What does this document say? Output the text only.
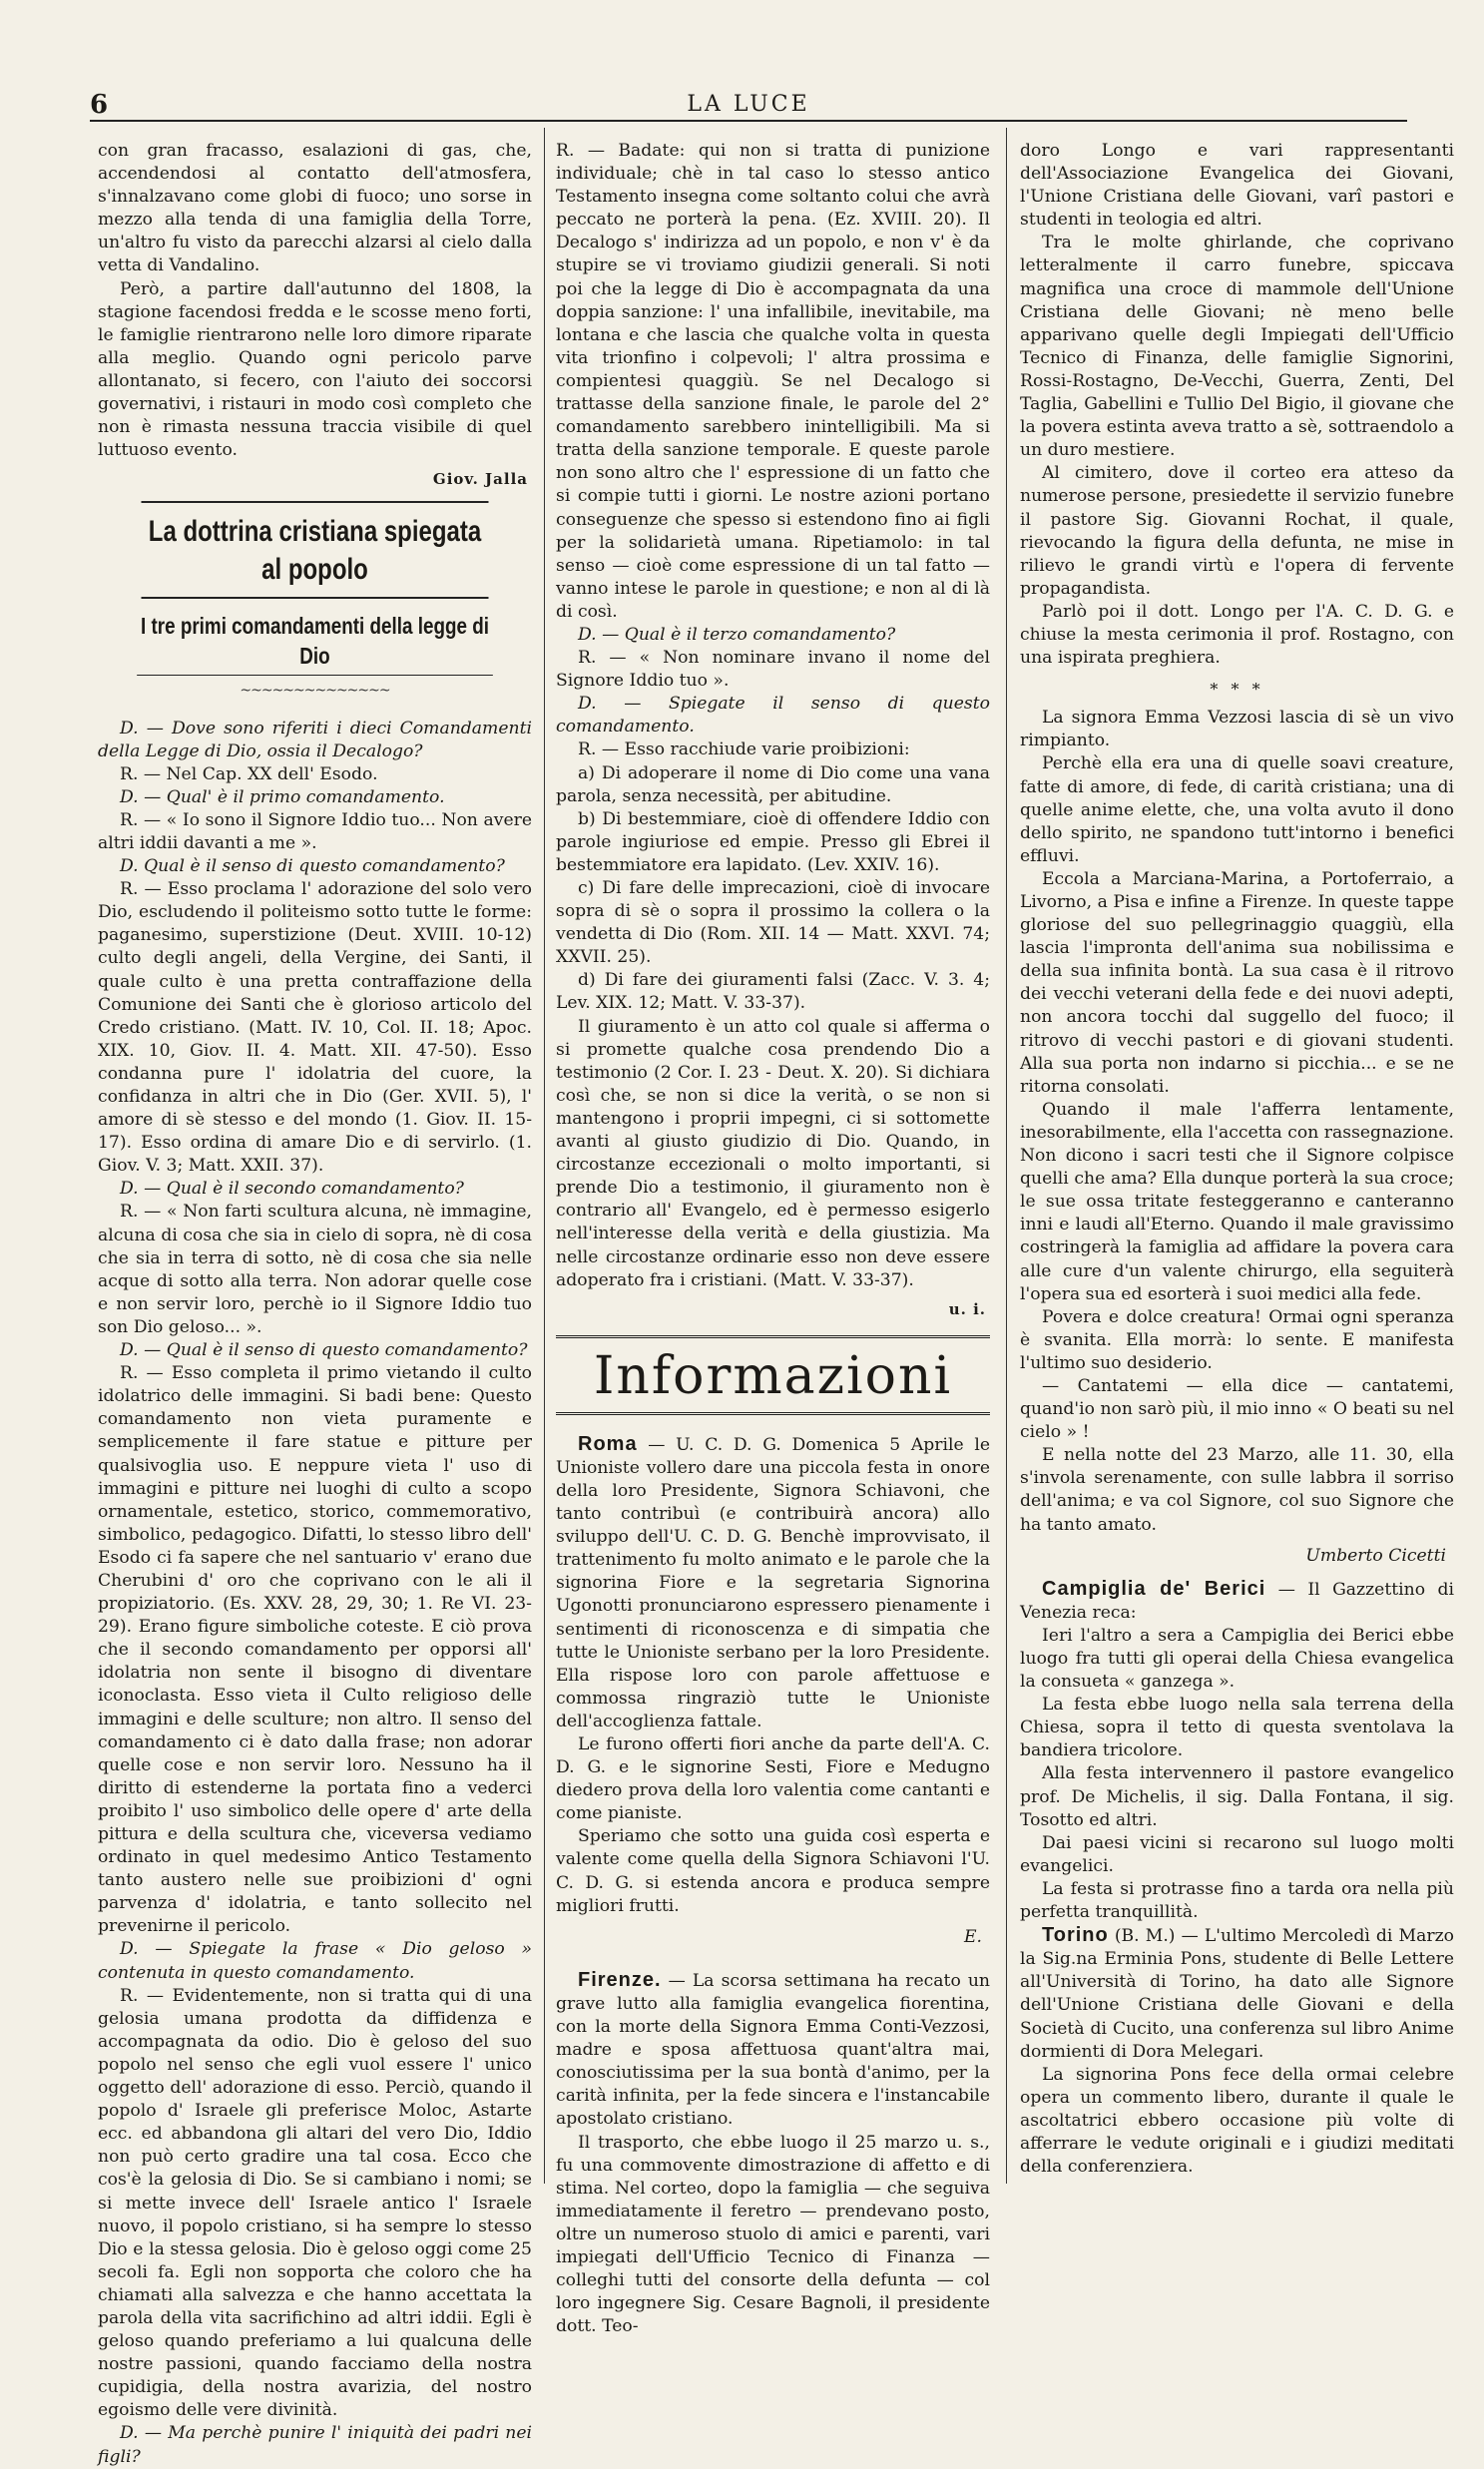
6	LA LUCE

con gran fracasso, esalazioni di gas, che, accendendosi al contatto dell'atmosfera, s'innalzavano come globi di fuoco; uno sorse in mezzo alla tenda di una famiglia della Torre, un'altro fu visto da parecchi alzarsi al cielo dalla vetta di Vandalino.

Però, a partire dall'autunno del 1808, la stagione facendosi fredda e le scosse meno forti, le famiglie rientrarono nelle loro dimore riparate alla meglio. Quando ogni pericolo parve allontanato, si fecero, con l'aiuto dei soccorsi governativi, i ristauri in modo così completo che non è rimasta nessuna traccia visibile di quel luttuoso evento.

Giov. Jalla
La dottrina cristiana spiegata al popolo
I tre primi comandamenti della legge di Dio
~~~~~~~~~~~~~~

D. — Dove sono riferiti i dieci Comandamenti della Legge di Dio, ossia il Decalogo?

R. — Nel Cap. XX dell' Esodo.

D. — Qual' è il primo comandamento.

R. — « Io sono il Signore Iddio tuo... Non avere altri iddii davanti a me ».

D. Qual è il senso di questo comandamento?

R. — Esso proclama l' adorazione del solo vero Dio, escludendo il politeismo sotto tutte le forme: paganesimo, superstizione (Deut. XVIII. 10-12) culto degli angeli, della Vergine, dei Santi, il quale culto è una pretta contraffazione della Comunione dei Santi che è glorioso articolo del Credo cristiano. (Matt. IV. 10, Col. II. 18; Apoc. XIX. 10, Giov. II. 4. Matt. XII. 47-50). Esso condanna pure l' idolatria del cuore, la confidanza in altri che in Dio (Ger. XVII. 5), l' amore di sè stesso e del mondo (1. Giov. II. 15-17). Esso ordina di amare Dio e di servirlo. (1. Giov. V. 3; Matt. XXII. 37).

D. — Qual è il secondo comandamento?

R. — « Non farti scultura alcuna, nè immagine, alcuna di cosa che sia in cielo di sopra, nè di cosa che sia in terra di sotto, nè di cosa che sia nelle acque di sotto alla terra. Non adorar quelle cose e non servir loro, perchè io il Signore Iddio tuo son Dio geloso... ».

D. — Qual è il senso di questo comandamento?

R. — Esso completa il primo vietando il culto idolatrico delle immagini. Si badi bene: Questo comandamento non vieta puramente e semplicemente il fare statue e pitture per qualsivoglia uso. E neppure vieta l' uso di immagini e pitture nei luoghi di culto a scopo ornamentale, estetico, storico, commemorativo, simbolico, pedagogico. Difatti, lo stesso libro dell' Esodo ci fa sapere che nel santuario v' erano due Cherubini d' oro che coprivano con le ali il propiziatorio. (Es. XXV. 28, 29, 30; 1. Re VI. 23-29). Erano figure simboliche coteste. E ciò prova che il secondo comandamento per opporsi all' idolatria non sente il bisogno di diventare iconoclasta. Esso vieta il Culto religioso delle immagini e delle sculture; non altro. Il senso del comandamento ci è dato dalla frase; non adorar quelle cose e non servir loro. Nessuno ha il diritto di estenderne la portata fino a vederci proibito l' uso simbolico delle opere d' arte della pittura e della scultura che, viceversa vediamo ordinato in quel medesimo Antico Testamento tanto austero nelle sue proibizioni d' ogni parvenza d' idolatria, e tanto sollecito nel prevenirne il pericolo.

D. — Spiegate la frase « Dio geloso » contenuta in questo comandamento.

R. — Evidentemente, non si tratta qui di una gelosia umana prodotta da diffidenza e accompagnata da odio. Dio è geloso del suo popolo nel senso che egli vuol essere l' unico oggetto dell' adorazione di esso. Perciò, quando il popolo d' Israele gli preferisce Moloc, Astarte ecc. ed abbandona gli altari del vero Dio, Iddio non può certo gradire una tal cosa. Ecco che cos'è la gelosia di Dio. Se si cambiano i nomi; se si mette invece dell' Israele antico l' Israele nuovo, il popolo cristiano, si ha sempre lo stesso Dio e la stessa gelosia. Dio è geloso oggi come 25 secoli fa. Egli non sopporta che coloro che ha chiamati alla salvezza e che hanno accettata la parola della vita sacrifichino ad altri iddii. Egli è geloso quando preferiamo a lui qualcuna delle nostre passioni, quando facciamo della nostra cupidigia, della nostra avarizia, del nostro egoismo delle vere divinità.

D. — Ma perchè punire l' iniquità dei padri nei figli?

R. — Badate: qui non si tratta di punizione individuale; chè in tal caso lo stesso antico Testamento insegna come soltanto colui che avrà peccato ne porterà la pena. (Ez. XVIII. 20). Il Decalogo s' indirizza ad un popolo, e non v' è da stupire se vi troviamo giudizii generali. Si noti poi che la legge di Dio è accompagnata da una doppia sanzione: l' una infallibile, inevitabile, ma lontana e che lascia che qualche volta in questa vita trionfino i colpevoli; l' altra prossima e compientesi quaggiù. Se nel Decalogo si trattasse della sanzione finale, le parole del 2° comandamento sarebbero inintelligibili. Ma si tratta della sanzione temporale. E queste parole non sono altro che l' espressione di un fatto che si compie tutti i giorni. Le nostre azioni portano conseguenze che spesso si estendono fino ai figli per la solidarietà umana. Ripetiamolo: in tal senso — cioè come espressione di un tal fatto — vanno intese le parole in questione; e non al di là di così.

D. — Qual è il terzo comandamento?

R. — « Non nominare invano il nome del Signore Iddio tuo ».

D. — Spiegate il senso di questo comandamento.

R. — Esso racchiude varie proibizioni:

a) Di adoperare il nome di Dio come una vana parola, senza necessità, per abitudine.

b) Di bestemmiare, cioè di offendere Iddio con parole ingiuriose ed empie. Presso gli Ebrei il bestemmiatore era lapidato. (Lev. XXIV. 16).

c) Di fare delle imprecazioni, cioè di invocare sopra di sè o sopra il prossimo la collera o la vendetta di Dio (Rom. XII. 14 — Matt. XXVI. 74; XXVII. 25).

d) Di fare dei giuramenti falsi (Zacc. V. 3. 4; Lev. XIX. 12; Matt. V. 33-37).

Il giuramento è un atto col quale si afferma o si promette qualche cosa prendendo Dio a testimonio (2 Cor. I. 23 - Deut. X. 20). Si dichiara così che, se non si dice la verità, o se non si mantengono i proprii impegni, ci si sottomette avanti al giusto giudizio di Dio. Quando, in circostanze eccezionali o molto importanti, si prende Dio a testimonio, il giuramento non è contrario all' Evangelo, ed è permesso esigerlo nell'interesse della verità e della giustizia. Ma nelle circostanze ordinarie esso non deve essere adoperato fra i cristiani. (Matt. V. 33-37).

u. i.
Informazioni

Roma — U. C. D. G. Domenica 5 Aprile le Unioniste vollero dare una piccola festa in onore della loro Presidente, Signora Schiavoni, che tanto contribuì (e contribuirà ancora) allo sviluppo dell'U. C. D. G. Benchè improvvisato, il trattenimento fu molto animato e le parole che la signorina Fiore e la segretaria Signorina Ugonotti pronunciarono espressero pienamente i sentimenti di riconoscenza e di simpatia che tutte le Unioniste serbano per la loro Presidente. Ella rispose loro con parole affettuose e commossa ringraziò tutte le Unioniste dell'accoglienza fattale.

Le furono offerti fiori anche da parte dell'A. C. D. G. e le signorine Sesti, Fiore e Medugno diedero prova della loro valentia come cantanti e come pianiste.

Speriamo che sotto una guida così esperta e valente come quella della Signora Schiavoni l'U. C. D. G. si estenda ancora e produca sempre migliori frutti.

E.

Firenze. — La scorsa settimana ha recato un grave lutto alla famiglia evangelica fiorentina, con la morte della Signora Emma Conti-Vezzosi, madre e sposa affettuosa quant'altra mai, conosciutissima per la sua bontà d'animo, per la carità infinita, per la fede sincera e l'instancabile apostolato cristiano.

Il trasporto, che ebbe luogo il 25 marzo u. s., fu una commovente dimostrazione di affetto e di stima. Nel corteo, dopo la famiglia — che seguiva immediatamente il feretro — prendevano posto, oltre un numeroso stuolo di amici e parenti, vari impiegati dell'Ufficio Tecnico di Finanza — colleghi tutti del consorte della defunta — col loro ingegnere Sig. Cesare Bagnoli, il presidente dott. Teo-

doro Longo e vari rappresentanti dell'Associazione Evangelica dei Giovani, l'Unione Cristiana delle Giovani, varî pastori e studenti in teologia ed altri.

Tra le molte ghirlande, che coprivano letteralmente il carro funebre, spiccava magnifica una croce di mammole dell'Unione Cristiana delle Giovani; nè meno belle apparivano quelle degli Impiegati dell'Ufficio Tecnico di Finanza, delle famiglie Signorini, Rossi-Rostagno, De-Vecchi, Guerra, Zenti, Del Taglia, Gabellini e Tullio Del Bigio, il giovane che la povera estinta aveva tratto a sè, sottraendolo a un duro mestiere.

Al cimitero, dove il corteo era atteso da numerose persone, presiedette il servizio funebre il pastore Sig. Giovanni Rochat, il quale, rievocando la figura della defunta, ne mise in rilievo le grandi virtù e l'opera di fervente propagandista.

Parlò poi il dott. Longo per l'A. C. D. G. e chiuse la mesta cerimonia il prof. Rostagno, con una ispirata preghiera.

* * *

La signora Emma Vezzosi lascia di sè un vivo rimpianto.

Perchè ella era una di quelle soavi creature, fatte di amore, di fede, di carità cristiana; una di quelle anime elette, che, una volta avuto il dono dello spirito, ne spandono tutt'intorno i benefici effluvi.

Eccola a Marciana-Marina, a Portoferraio, a Livorno, a Pisa e infine a Firenze. In queste tappe gloriose del suo pellegrinaggio quaggiù, ella lascia l'impronta dell'anima sua nobilissima e della sua infinita bontà. La sua casa è il ritrovo dei vecchi veterani della fede e dei nuovi adepti, non ancora tocchi dal suggello del fuoco; il ritrovo di vecchi pastori e di giovani studenti. Alla sua porta non indarno si picchia... e se ne ritorna consolati.

Quando il male l'afferra lentamente, inesorabilmente, ella l'accetta con rassegnazione. Non dicono i sacri testi che il Signore colpisce quelli che ama? Ella dunque porterà la sua croce; le sue ossa tritate festeggeranno e canteranno inni e laudi all'Eterno. Quando il male gravissimo costringerà la famiglia ad affidare la povera cara alle cure d'un valente chirurgo, ella seguiterà l'opera sua ed esorterà i suoi medici alla fede.

Povera e dolce creatura! Ormai ogni speranza è svanita. Ella morrà: lo sente. E manifesta l'ultimo suo desiderio.

— Cantatemi — ella dice — cantatemi, quand'io non sarò più, il mio inno « O beati su nel cielo » !

E nella notte del 23 Marzo, alle 11. 30, ella s'invola serenamente, con sulle labbra il sorriso dell'anima; e va col Signore, col suo Signore che ha tanto amato.

Umberto Cicetti

Campiglia de' Berici — Il Gazzettino di Venezia reca:

Ieri l'altro a sera a Campiglia dei Berici ebbe luogo fra tutti gli operai della Chiesa evangelica la consueta « ganzega ».

La festa ebbe luogo nella sala terrena della Chiesa, sopra il tetto di questa sventolava la bandiera tricolore.

Alla festa intervennero il pastore evangelico prof. De Michelis, il sig. Dalla Fontana, il sig. Tosotto ed altri.

Dai paesi vicini si recarono sul luogo molti evangelici.

La festa si protrasse fino a tarda ora nella più perfetta tranquillità.

Torino (B. M.) — L'ultimo Mercoledì di Marzo la Sig.na Erminia Pons, studente di Belle Lettere all'Università di Torino, ha dato alle Signore dell'Unione Cristiana delle Giovani e della Società di Cucito, una conferenza sul libro Anime dormienti di Dora Melegari.

La signorina Pons fece della ormai celebre opera un commento libero, durante il quale le ascoltatrici ebbero occasione più volte di afferrare le vedute originali e i giudizi meditati della conferenziera.
